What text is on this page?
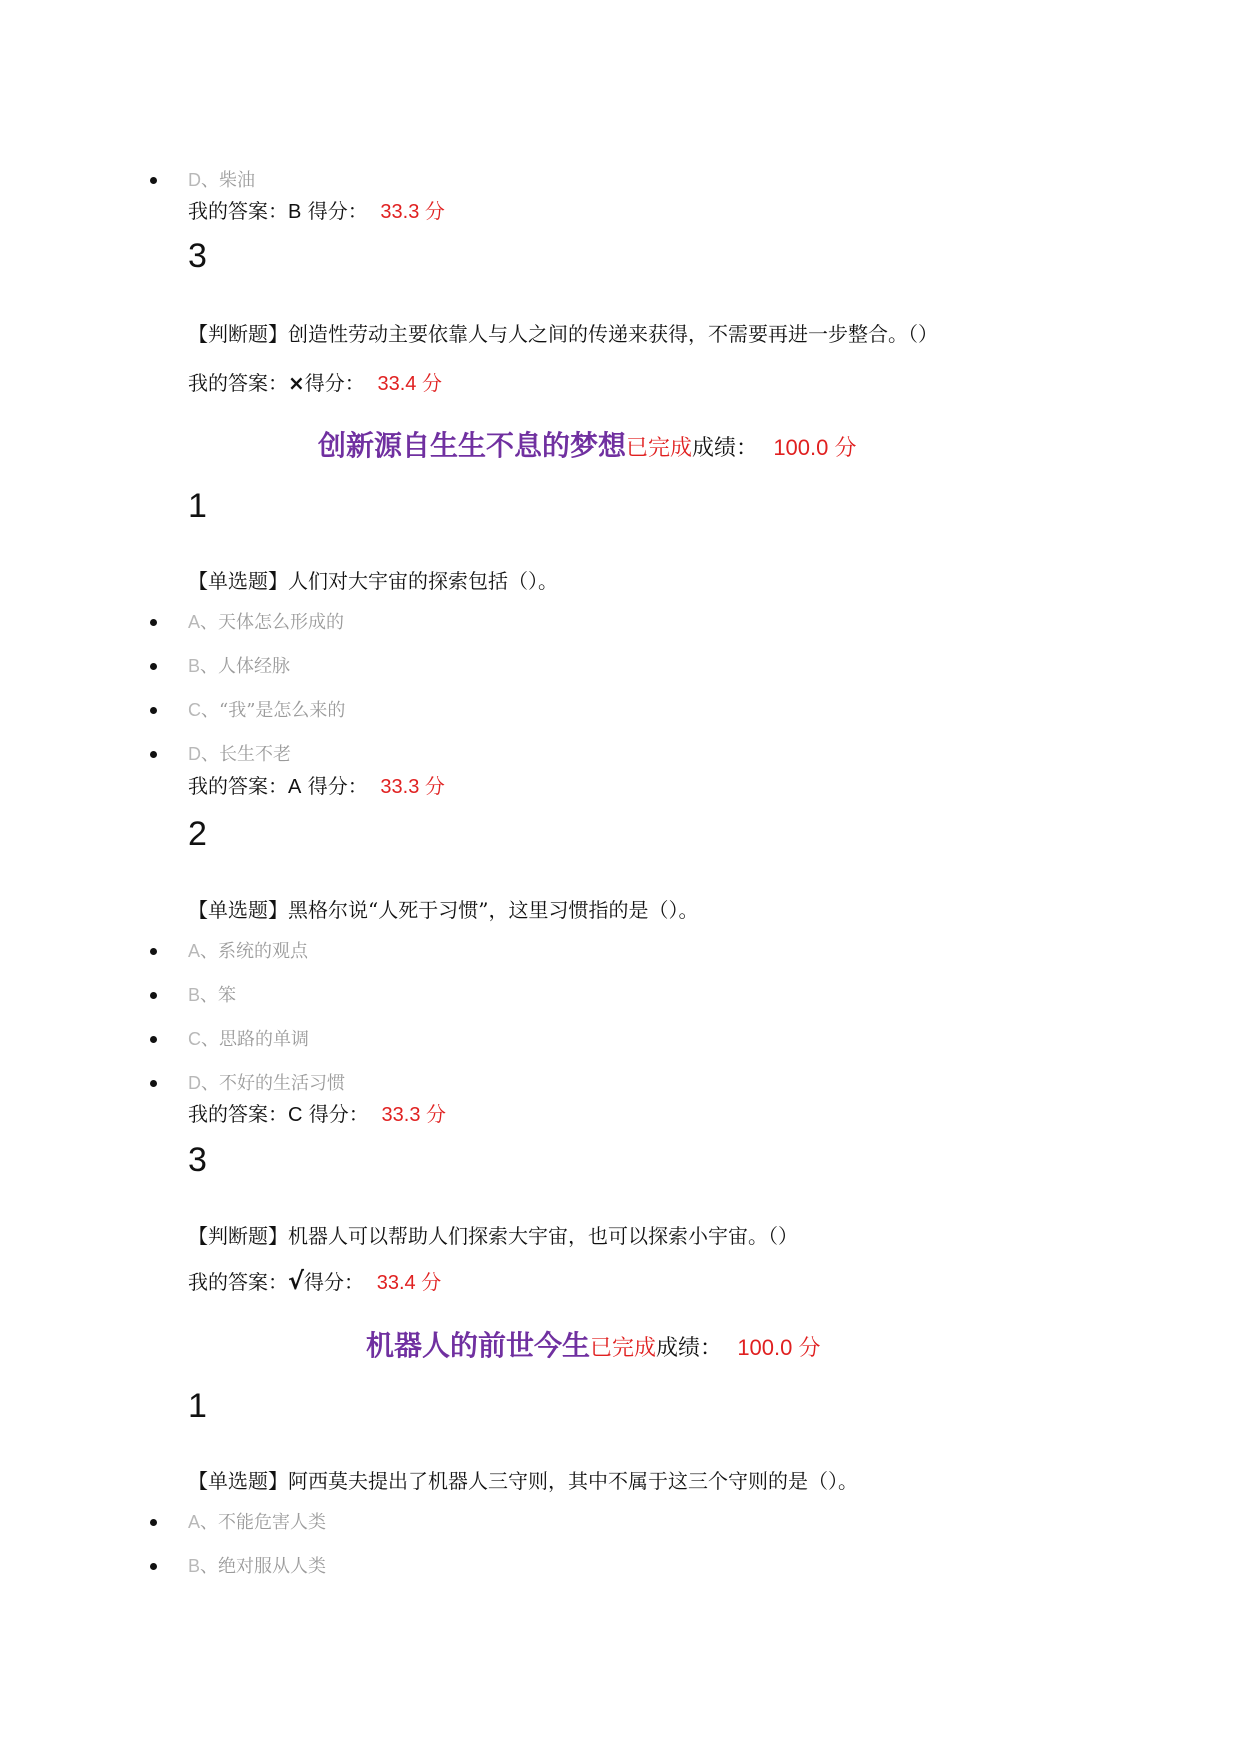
D、柴油
我的答案：B 得分： 33.3 分
3
【判断题】创造性劳动主要依靠人与人之间的传递来获得，不需要再进一步整合。（）
我的答案：×得分： 33.4 分
创新源自生生不息的梦想已完成成绩： 100.0 分
1
【单选题】人们对大宇宙的探索包括（）。
A、天体怎么形成的
B、人体经脉
C、“我”是怎么来的
D、长生不老
我的答案：A 得分： 33.3 分
2
【单选题】黑格尔说“人死于习惯”，这里习惯指的是（）。
A、系统的观点
B、笨
C、思路的单调
D、不好的生活习惯
我的答案：C 得分： 33.3 分
3
【判断题】机器人可以帮助人们探索大宇宙，也可以探索小宇宙。（）
我的答案：√得分： 33.4 分
机器人的前世今生已完成成绩： 100.0 分
1
【单选题】阿西莫夫提出了机器人三守则，其中不属于这三个守则的是（）。
A、不能危害人类
B、绝对服从人类
